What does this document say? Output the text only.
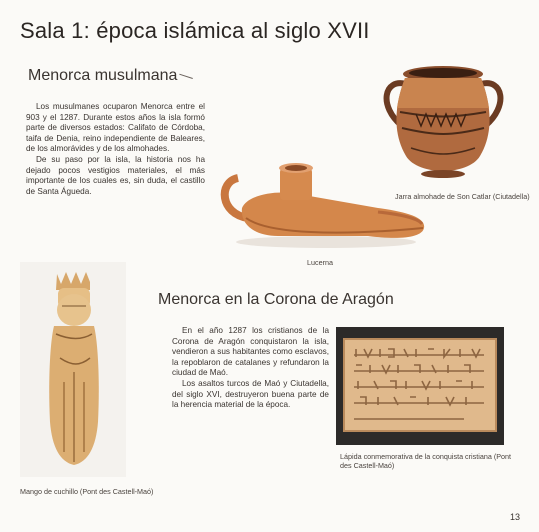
Sala 1: época islámica al siglo XVII
Menorca musulmana

Los musulmanes ocuparon Menorca entre el 903 y el 1287. Durante estos años la isla formó parte de diversos estados: Califato de Córdoba, taifa de Denia, reino independiente de Baleares, de los almorávides y de los almohades.

De su paso por la isla, la historia nos ha dejado pocos vestigios materiales, el más importante de los cuales es, sin duda, el castillo de Santa Águeda.

Jarra almohade de Son Catlar (Ciutadella)
Lucerna
Mango de cuchillo (Pont des Castell-Maó)
Menorca en la Corona de Aragón

En el año 1287 los cristianos de la Corona de Aragón conquistaron la isla, vendieron a sus habitantes como esclavos, la repoblaron de catalanes y refundaron la ciudad de Maó.

Los asaltos turcos de Maó y Ciutadella, del siglo XVI, destruyeron buena parte de la herencia material de la época.

Lápida conmemorativa de la conquista cristiana (Pont des Castell-Maó)
13
